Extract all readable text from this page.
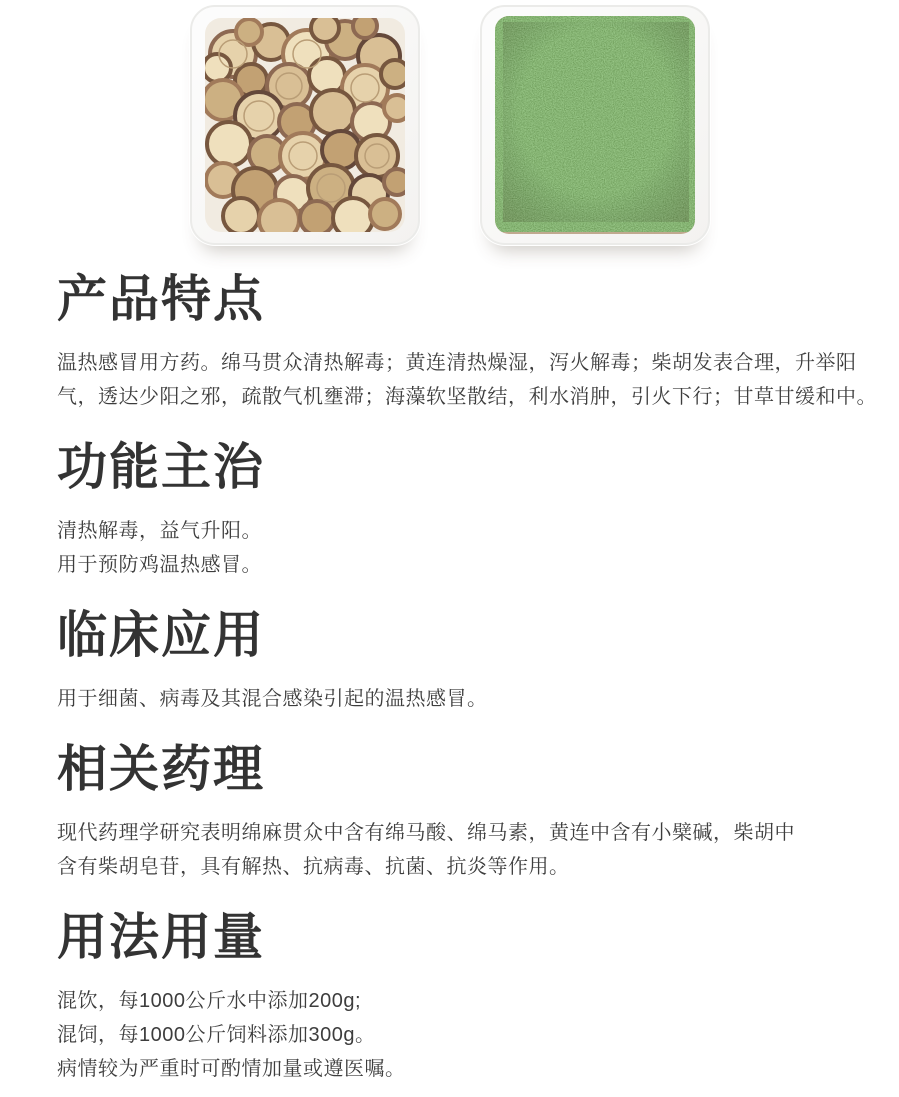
产品特点
温热感冒用方药。绵马贯众清热解毒；黄连清热燥湿，泻火解毒；柴胡发表合理，升举阳
气，透达少阳之邪，疏散气机壅滞；海藻软坚散结，利水消肿，引火下行；甘草甘缓和中。
功能主治
清热解毒，益气升阳。
用于预防鸡温热感冒。
临床应用
用于细菌、病毒及其混合感染引起的温热感冒。
相关药理
现代药理学研究表明绵麻贯众中含有绵马酸、绵马素，黄连中含有小檗碱，柴胡中
含有柴胡皂苷，具有解热、抗病毒、抗菌、抗炎等作用。
用法用量
混饮，每1000公斤水中添加200g;
混饲，每1000公斤饲料添加300g。
病情较为严重时可酌情加量或遵医嘱。
